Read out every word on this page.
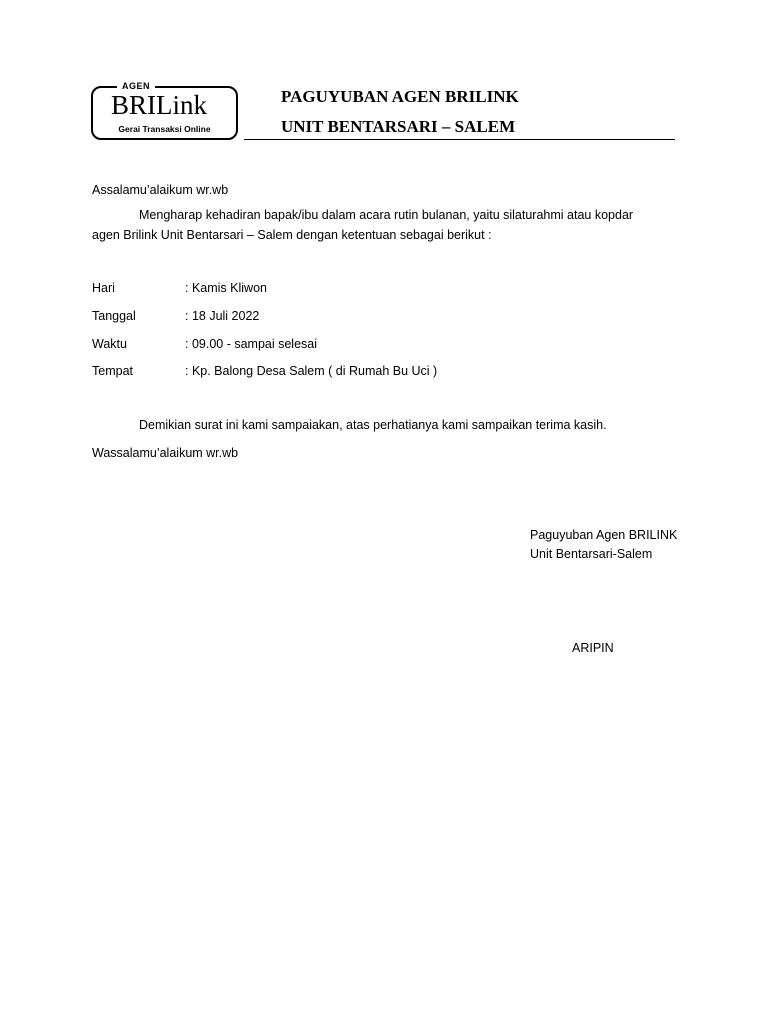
AGEN
BRILink
Gerai Transaksi Online
PAGUYUBAN AGEN BRILINK
UNIT BENTARSARI – SALEM
Assalamu’alaikum wr.wb
Mengharap kehadiran bapak/ibu dalam acara rutin bulanan, yaitu silaturahmi atau kopdar
agen Brilink Unit Bentarsari – Salem dengan ketentuan sebagai berikut :
Hari	: Kamis Kliwon
Tanggal	: 18 Juli 2022
Waktu	: 09.00 - sampai selesai
Tempat	: Kp. Balong Desa Salem ( di Rumah Bu Uci )
Demikian surat ini kami sampaiakan, atas perhatianya kami sampaikan terima kasih.
Wassalamu’alaikum wr.wb
Paguyuban Agen BRILINK
Unit Bentarsari-Salem
ARIPIN
